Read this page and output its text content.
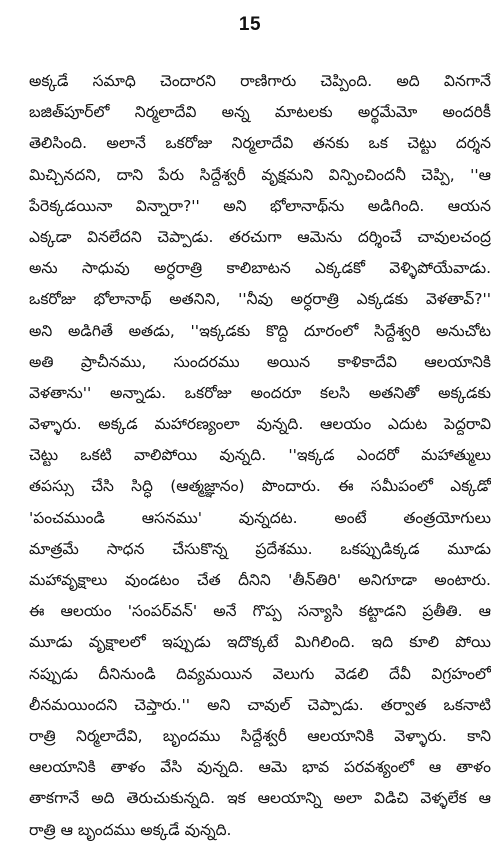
15
అక్కడే సమాధి చెందారని రాణిగారు చెప్పింది. అది వినగానే
బజిత్‌పూర్‌లో నిర్మలాదేవి అన్న మాటలకు అర్థమేమో అందరికీ
తెలిసింది. అలానే ఒకరోజు నిర్మలాదేవి తనకు ఒక చెట్టు దర్శన
మిచ్చినదని, దాని పేరు సిద్దేశ్వరీ వృక్షమని విన్పించిందనీ చెప్పి, ''ఆ
పేరెక్కడయినా విన్నారా?'' అని భోలానాథ్‌ను అడిగింది. ఆయన
ఎక్కడా వినలేదని చెప్పాడు. తరచుగా ఆమెను దర్శించే చావులచంద్ర
అను సాధువు అర్ధరాత్రి కాలిబాటన ఎక్కడకో వెళ్ళిపోయేవాడు.
ఒకరోజు భోలానాథ్ అతనిని, ''నీవు అర్ధరాత్రి ఎక్కడకు వెళతావ్?''
అని అడిగితే అతడు, ''ఇక్కడకు కొద్ది దూరంలో సిద్దేశ్వరి అనుచోట
అతి ప్రాచీనము, సుందరము అయిన కాళికాదేవి ఆలయానికి
వెళతాను'' అన్నాడు. ఒకరోజు అందరూ కలసి అతనితో అక్కడకు
వెళ్ళారు. అక్కడ మహారణ్యంలా వున్నది. ఆలయం ఎదుట పెద్దరావి
చెట్టు ఒకటి వాలిపోయి వున్నది. ''ఇక్కడ ఎందరో మహాత్ములు
తపస్సు చేసి సిద్ధి (ఆత్మజ్ఞానం) పొందారు. ఈ సమీపంలో ఎక్కడో
'పంచముండి ఆసనము' వున్నదట. అంటే తంత్రయోగులు
మాత్రమే సాధన చేసుకొన్న ప్రదేశము. ఒకప్పుడిక్కడ మూడు
మహావృక్షాలు వుండటం చేత దీనిని 'తీన్‌తిరి' అనిగూడా అంటారు.
ఈ ఆలయం 'సంపర్‌వన్' అనే గొప్ప సన్యాసి కట్టాడని ప్రతీతి. ఆ
మూడు వృక్షాలలో ఇప్పుడు ఇదొక్కటే మిగిలింది. ఇది కూలి పోయి
నప్పుడు దీనినుండి దివ్యమయిన వెలుగు వెడలి దేవీ విగ్రహంలో
లీనమయిందని చెప్తారు.'' అని చావుల్ చెప్పాడు. తర్వాత ఒకనాటి
రాత్రి నిర్మలాదేవి, బృందము సిద్దేశ్వరీ ఆలయానికి వెళ్ళారు. కాని
ఆలయానికి తాళం వేసి వున్నది. ఆమె భావ పరవశ్యంలో ఆ తాళం
తాకగానే అది తెరుచుకున్నది. ఇక ఆలయాన్ని అలా విడిచి వెళ్ళలేక ఆ
రాత్రి ఆ బృందము అక్కడే వున్నది.
